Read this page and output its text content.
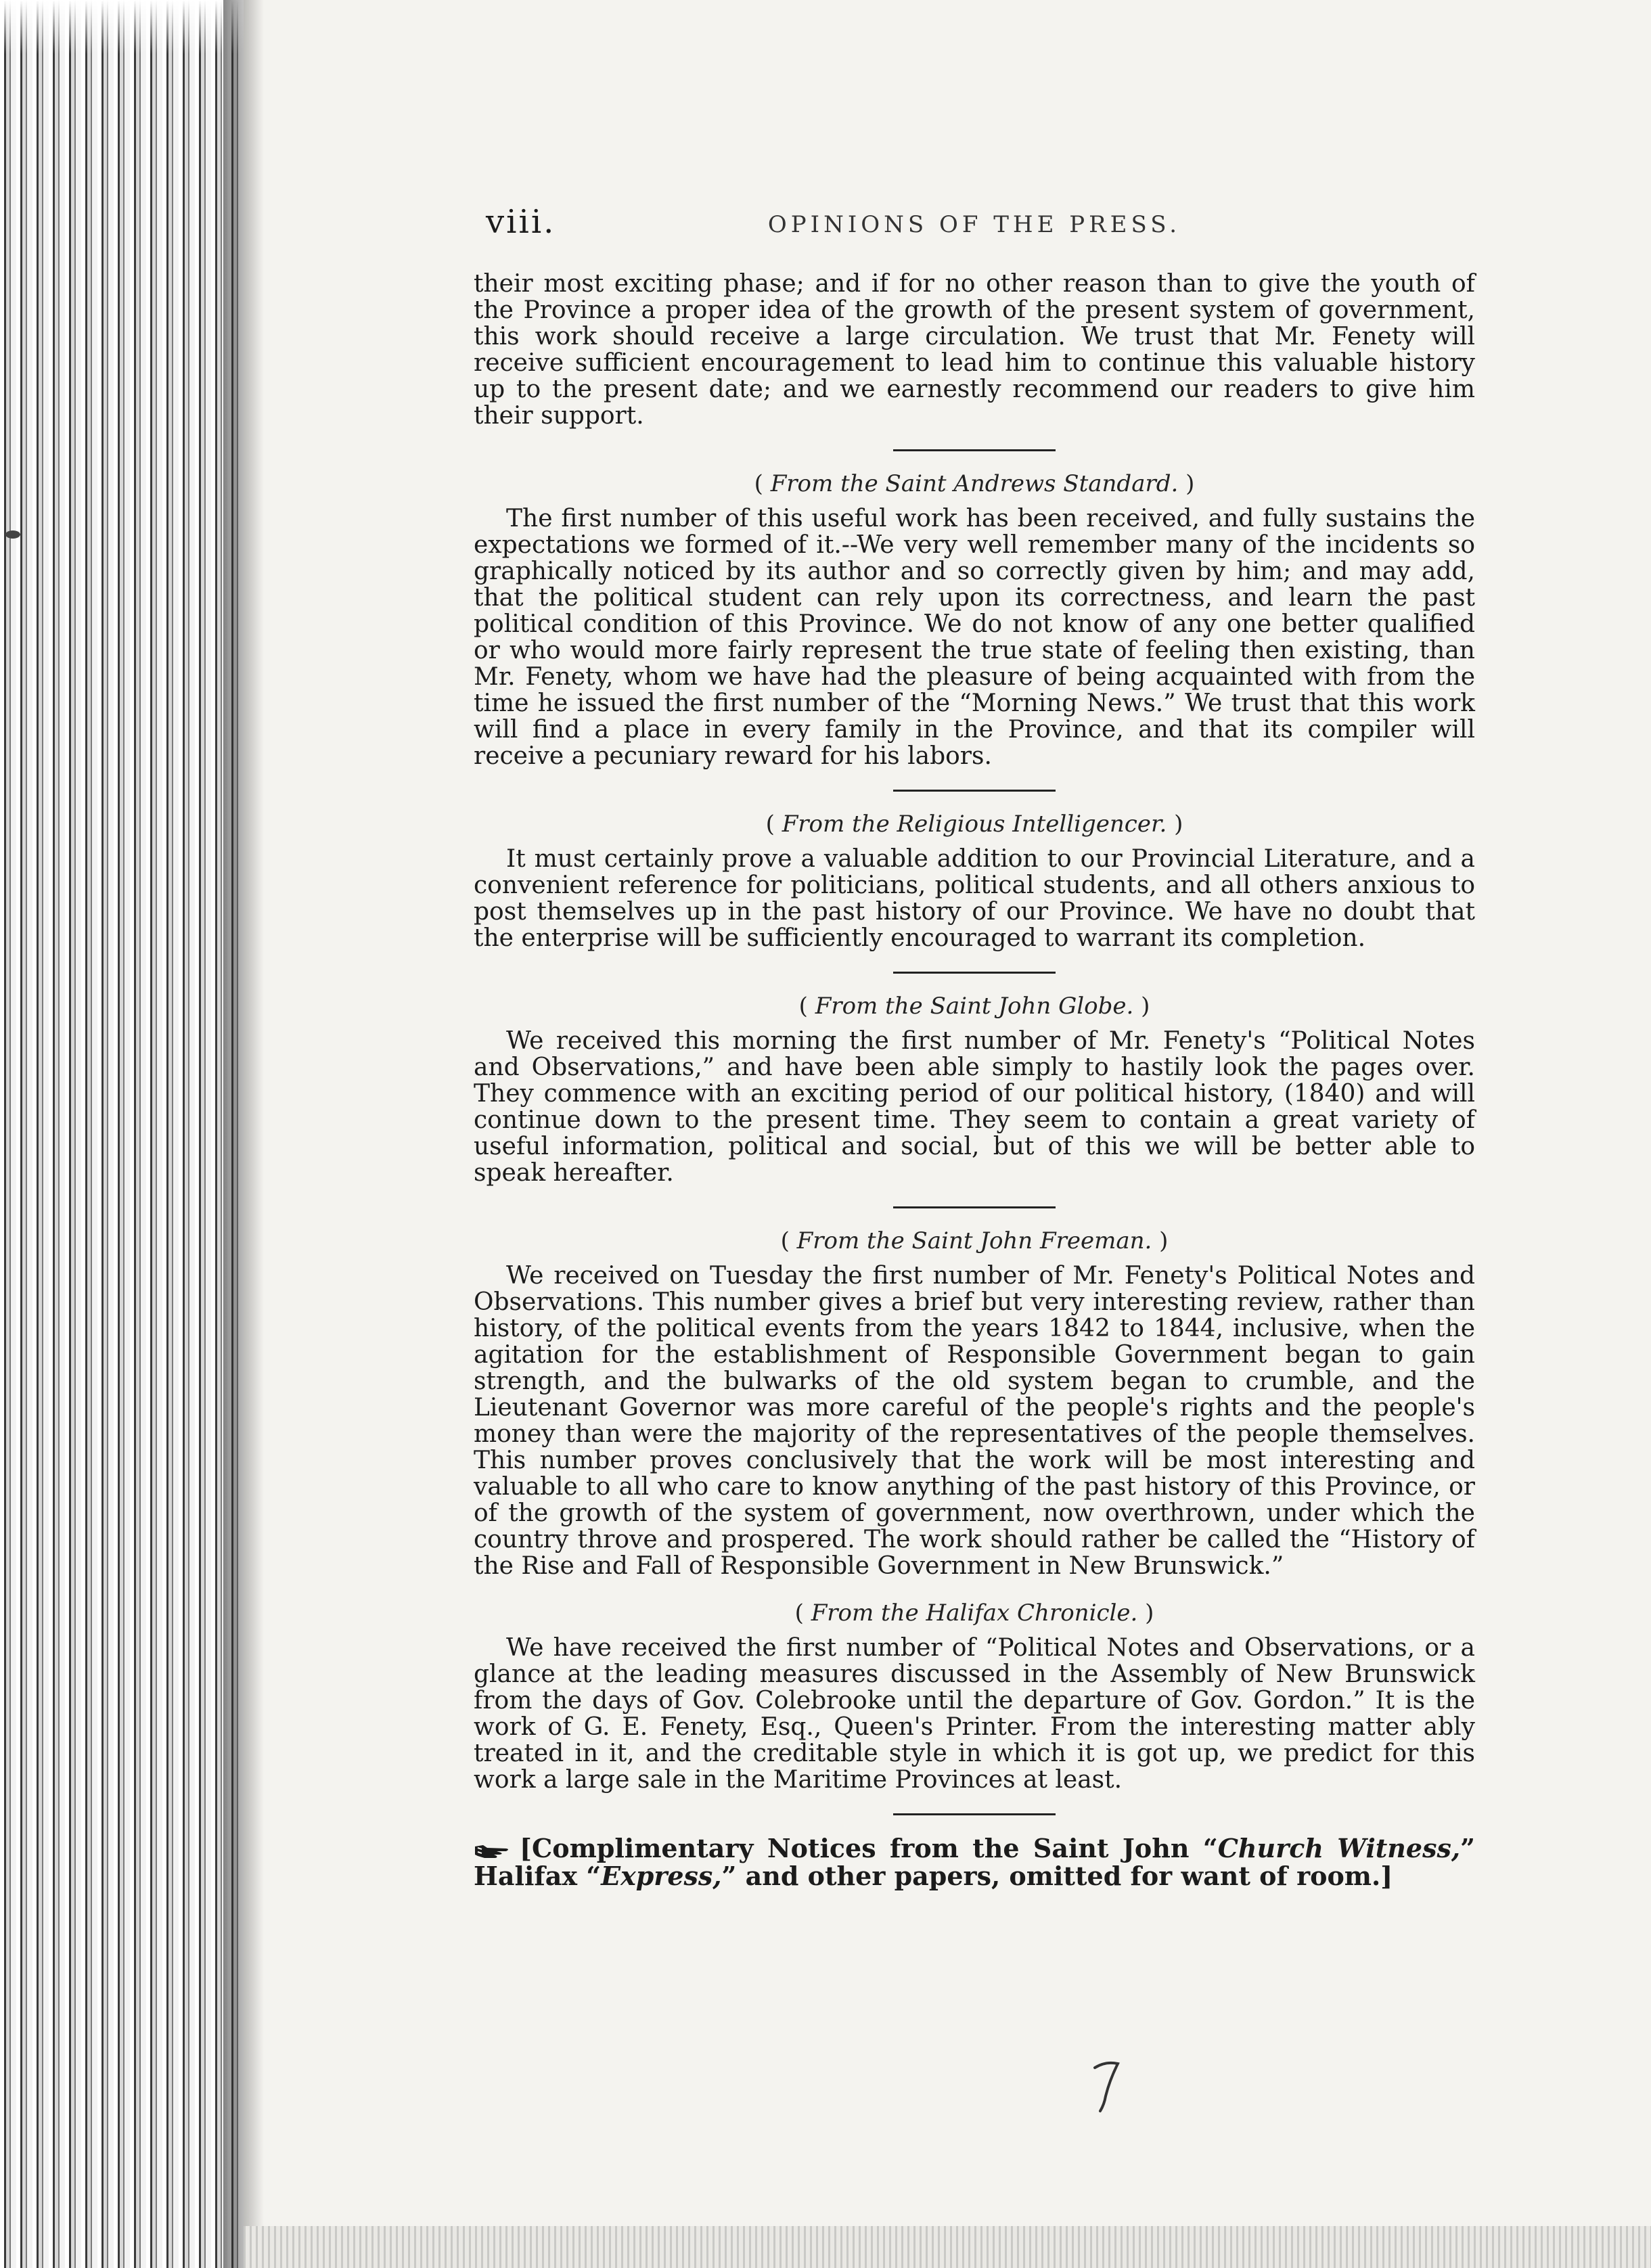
viii.	OPINIONS OF THE PRESS.

their most exciting phase; and if for no other reason than to give the youth of the Province a proper idea of the growth of the present system of government, this work should receive a large circulation. We trust that Mr. Fenety will receive sufficient encouragement to lead him to continue this valuable history up to the present date; and we earnestly recommend our readers to give him their support.

( From the Saint Andrews Standard. )

The first number of this useful work has been received, and fully sustains the expectations we formed of it.--We very well remember many of the incidents so graphically noticed by its author and so correctly given by him; and may add, that the political student can rely upon its correctness, and learn the past political condition of this Province. We do not know of any one better qualified or who would more fairly represent the true state of feeling then existing, than Mr. Fenety, whom we have had the pleasure of being acquainted with from the time he issued the first number of the “Morning News.” We trust that this work will find a place in every family in the Province, and that its compiler will receive a pecuniary reward for his labors.

( From the Religious Intelligencer. )

It must certainly prove a valuable addition to our Provincial Literature, and a convenient reference for politicians, political students, and all others anxious to post themselves up in the past history of our Province. We have no doubt that the enterprise will be sufficiently encouraged to warrant its completion.

( From the Saint John Globe. )

We received this morning the first number of Mr. Fenety's “Political Notes and Observations,” and have been able simply to hastily look the pages over. They commence with an exciting period of our political history, (1840) and will continue down to the present time. They seem to contain a great variety of useful information, political and social, but of this we will be better able to speak hereafter.

( From the Saint John Freeman. )

We received on Tuesday the first number of Mr. Fenety's Political Notes and Observations. This number gives a brief but very interesting review, rather than history, of the political events from the years 1842 to 1844, inclusive, when the agitation for the establishment of Responsible Government began to gain strength, and the bulwarks of the old system began to crumble, and the Lieutenant Governor was more careful of the people's rights and the people's money than were the majority of the representatives of the people themselves. This number proves conclusively that the work will be most interesting and valuable to all who care to know anything of the past history of this Province, or of the growth of the system of government, now overthrown, under which the country throve and prospered. The work should rather be called the “History of the Rise and Fall of Responsible Government in New Brunswick.”

( From the Halifax Chronicle. )

We have received the first number of “Political Notes and Observations, or a glance at the leading measures discussed in the Assembly of New Brunswick from the days of Gov. Colebrooke until the departure of Gov. Gordon.” It is the work of G. E. Fenety, Esq., Queen's Printer. From the interesting matter ably treated in it, and the creditable style in which it is got up, we predict for this work a large sale in the Maritime Provinces at least.

[Complimentary Notices from the Saint John “Church Witness,” Halifax “Express,” and other papers, omitted for want of room.]
